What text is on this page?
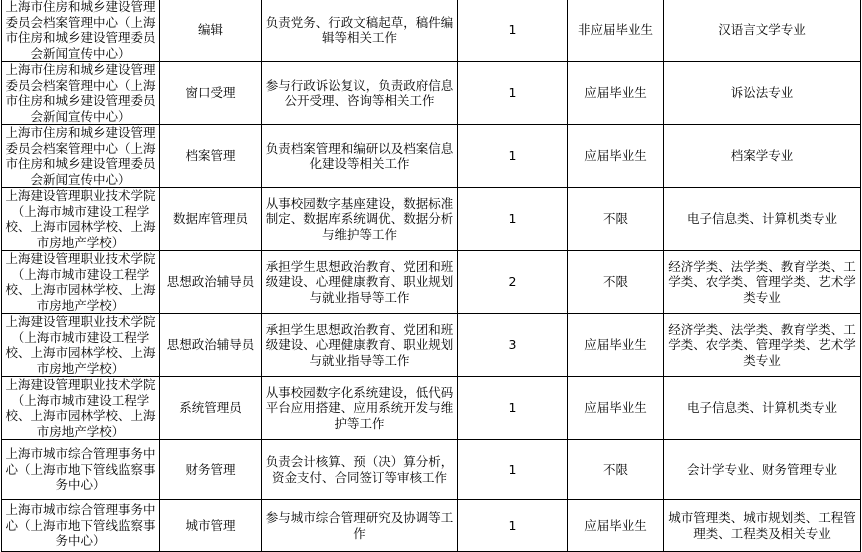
上海市住房和城乡建设管理委员会档案管理中心（上海市住房和城乡建设管理委员会新闻宣传中心）	编辑	负责党务、行政文稿起草，稿件编辑等相关工作	1	非应届毕业生	汉语言文学专业
上海市住房和城乡建设管理委员会档案管理中心（上海市住房和城乡建设管理委员会新闻宣传中心）	窗口受理	参与行政诉讼复议，负责政府信息公开受理、咨询等相关工作	1	应届毕业生	诉讼法专业
上海市住房和城乡建设管理委员会档案管理中心（上海市住房和城乡建设管理委员会新闻宣传中心）	档案管理	负责档案管理和编研以及档案信息化建设等相关工作	1	应届毕业生	档案学专业
上海建设管理职业技术学院（上海市城市建设工程学校、上海市园林学校、上海市房地产学校）	数据库管理员	从事校园数字基座建设，数据标准制定、数据库系统调优、数据分析与维护等工作	1	不限	电子信息类、计算机类专业
上海建设管理职业技术学院（上海市城市建设工程学校、上海市园林学校、上海市房地产学校）	思想政治辅导员	承担学生思想政治教育、党团和班级建设、心理健康教育、职业规划与就业指导等工作	2	不限	经济学类、法学类、教育学类、工学类、农学类、管理学类、艺术学类专业
上海建设管理职业技术学院（上海市城市建设工程学校、上海市园林学校、上海市房地产学校）	思想政治辅导员	承担学生思想政治教育、党团和班级建设、心理健康教育、职业规划与就业指导等工作	3	应届毕业生	经济学类、法学类、教育学类、工学类、农学类、管理学类、艺术学类专业
上海建设管理职业技术学院（上海市城市建设工程学校、上海市园林学校、上海市房地产学校）	系统管理员	从事校园数字化系统建设，低代码平台应用搭建、应用系统开发与维护等工作	1	应届毕业生	电子信息类、计算机类专业
上海市城市综合管理事务中心（上海市地下管线监察事务中心）	财务管理	负责会计核算、预（决）算分析，资金支付、合同签订等审核工作	1	不限	会计学专业、财务管理专业
上海市城市综合管理事务中心（上海市地下管线监察事务中心）	城市管理	参与城市综合管理研究及协调等工作	1	应届毕业生	城市管理类、城市规划类、工程管理类、工程类及相关专业
